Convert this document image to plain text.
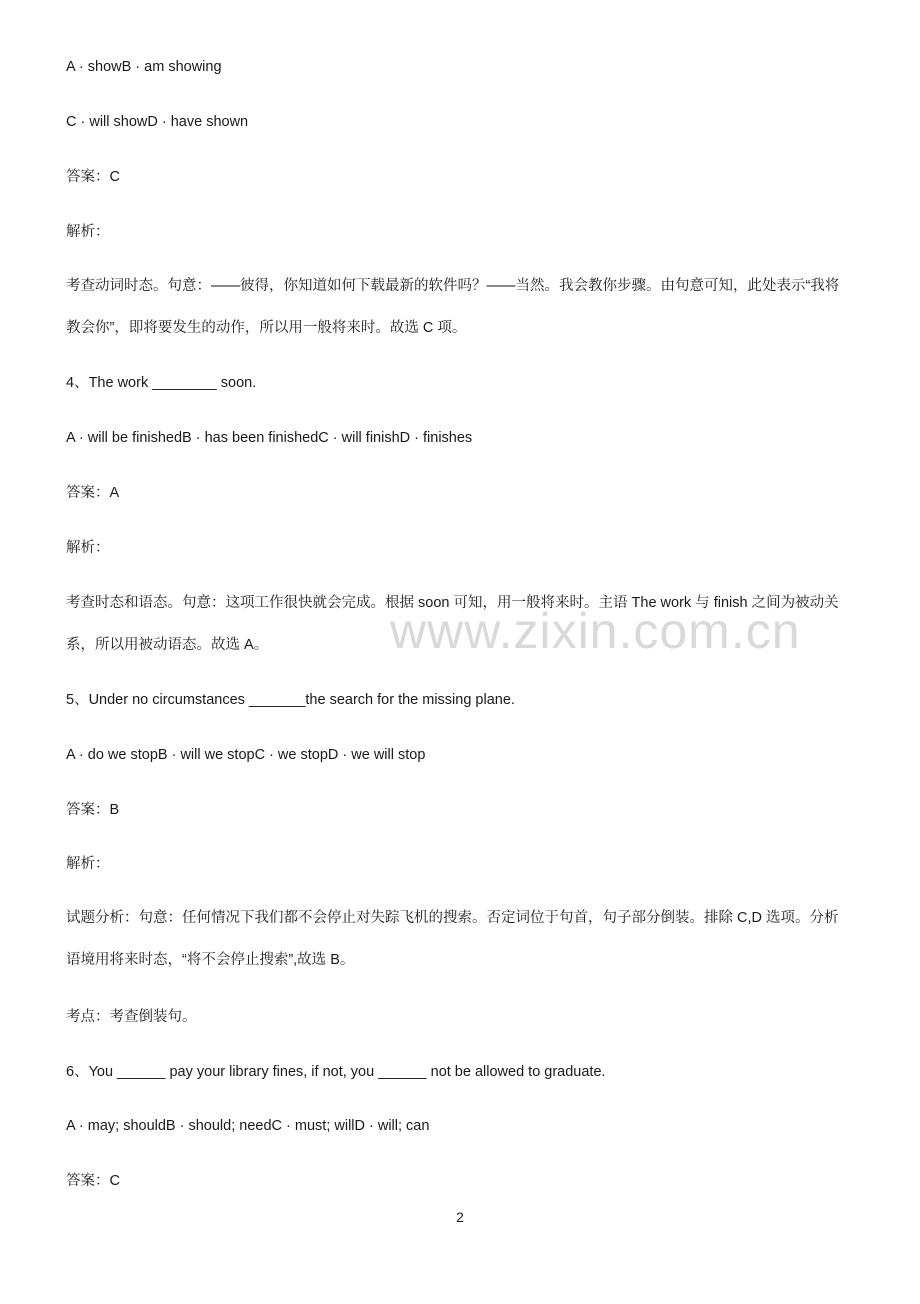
www.zixin.com.cn
A · showB · am showing
C · will showD · have shown
答案：C
解析：
考查动词时态。句意：——彼得，你知道如何下载最新的软件吗？——当然。我会教你步骤。由句意可知，此处表示“我将教会你”，即将要发生的动作，所以用一般将来时。故选 C 项。
4、The work ________ soon.
A · will be finishedB · has been finishedC · will finishD · finishes
答案：A
解析：
考查时态和语态。句意：这项工作很快就会完成。根据 soon 可知，用一般将来时。主语 The work 与 finish 之间为被动关系，所以用被动语态。故选 A。
5、Under no circumstances _______the search for the missing plane.
A · do we stopB · will we stopC · we stopD · we will stop
答案：B
解析：
试题分析：句意：任何情况下我们都不会停止对失踪飞机的搜索。否定词位于句首，句子部分倒装。排除 C,D 选项。分析语境用将来时态，“将不会停止搜索”,故选 B。
考点：考查倒装句。
6、You ______ pay your library fines, if not, you ______ not be allowed to graduate.
A · may; shouldB · should; needC · must; willD · will; can
答案：C
2
